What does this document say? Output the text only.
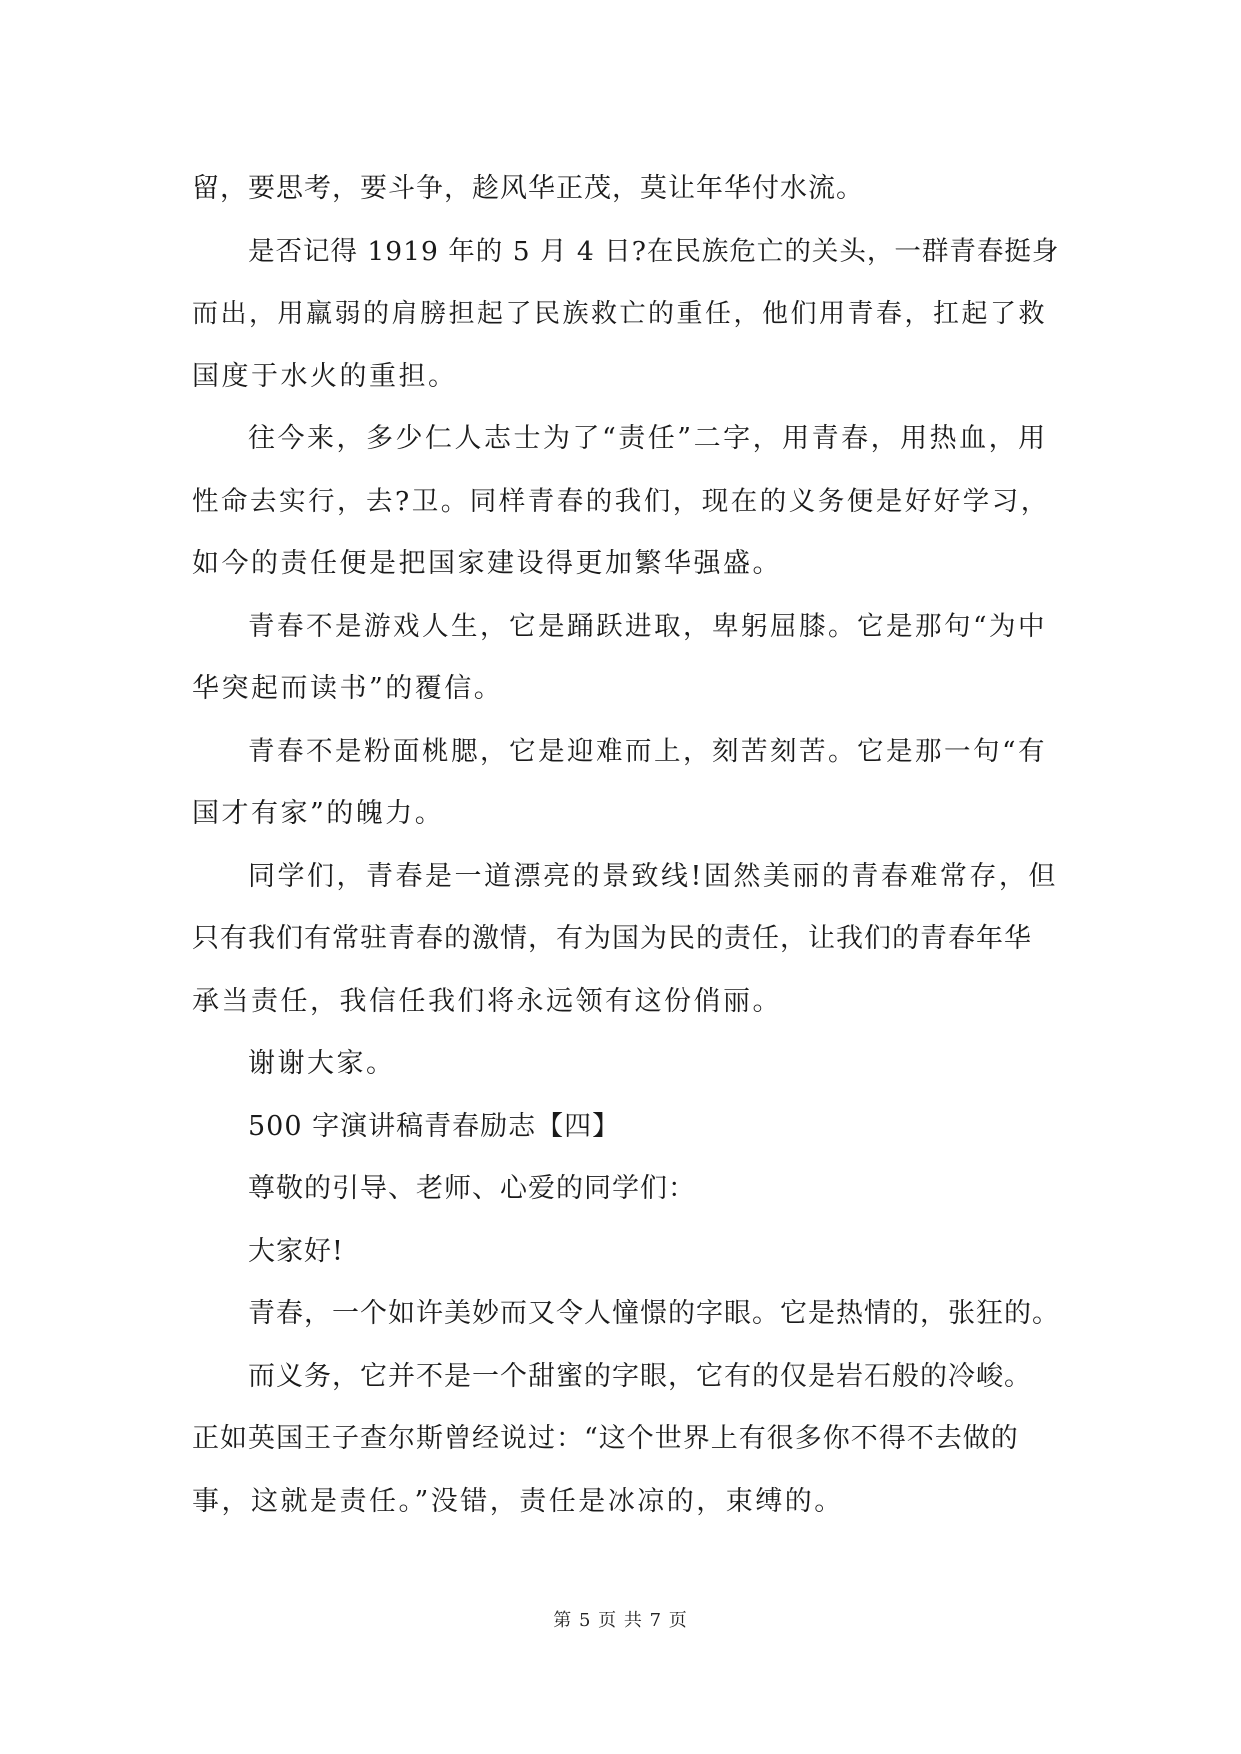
留，要思考，要斗争，趁风华正茂，莫让年华付水流。
是否记得 1919 年的 5 月 4 日?在民族危亡的关头，一群青春挺身
而出，用羸弱的肩膀担起了民族救亡的重任，他们用青春，扛起了救
国度于水火的重担。
往今来，多少仁人志士为了“责任”二字，用青春，用热血，用
性命去实行，去?卫。同样青春的我们，现在的义务便是好好学习，
如今的责任便是把国家建设得更加繁华强盛。
青春不是游戏人生，它是踊跃进取，卑躬屈膝。它是那句“为中
华突起而读书”的覆信。
青春不是粉面桃腮，它是迎难而上，刻苦刻苦。它是那一句“有
国才有家”的魄力。
同学们，青春是一道漂亮的景致线!固然美丽的青春难常存，但
只有我们有常驻青春的激情，有为国为民的责任，让我们的青春年华
承当责任，我信任我们将永远领有这份俏丽。
谢谢大家。
500 字演讲稿青春励志【四】
尊敬的引导、老师、心爱的同学们：
大家好!
青春，一个如许美妙而又令人憧憬的字眼。它是热情的，张狂的。
而义务，它并不是一个甜蜜的字眼，它有的仅是岩石般的冷峻。
正如英国王子查尔斯曾经说过：“这个世界上有很多你不得不去做的
事，这就是责任。”没错，责任是冰凉的，束缚的。
第 5 页 共 7 页
